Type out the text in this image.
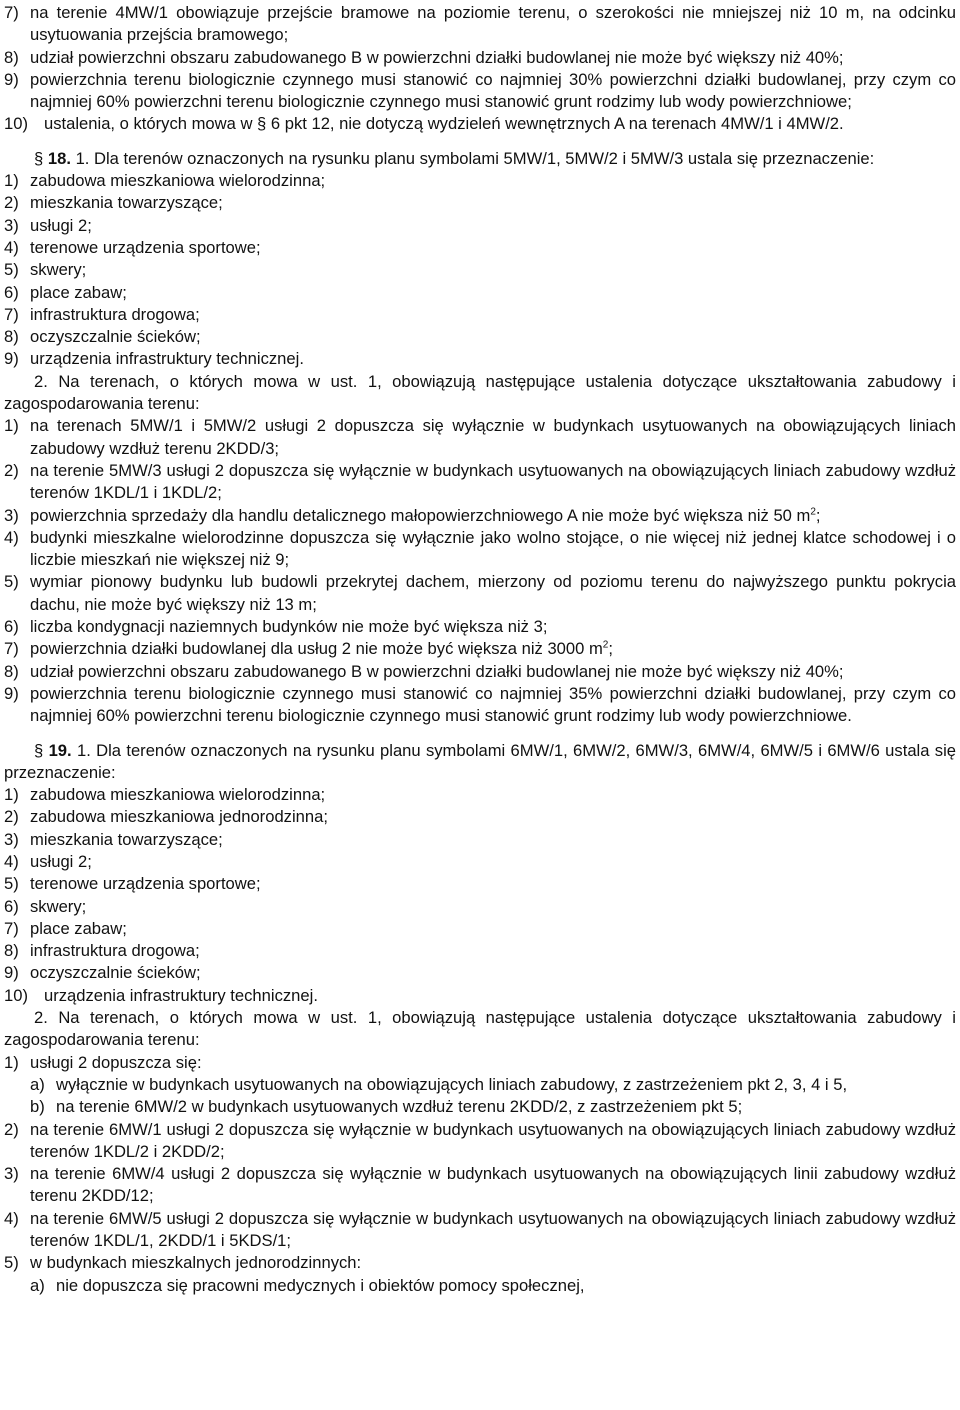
7) na terenie 4MW/1 obowiązuje przejście bramowe na poziomie terenu, o szerokości nie mniejszej niż 10 m, na odcinku usytuowania przejścia bramowego;
8) udział powierzchni obszaru zabudowanego B w powierzchni działki budowlanej nie może być większy niż 40%;
9) powierzchnia terenu biologicznie czynnego musi stanowić co najmniej 30% powierzchni działki budowlanej, przy czym co najmniej 60% powierzchni terenu biologicznie czynnego musi stanowić grunt rodzimy lub wody powierzchniowe;
10) ustalenia, o których mowa w § 6 pkt 12, nie dotyczą wydzieleń wewnętrznych A na terenach 4MW/1 i 4MW/2.

§ 18. 1. Dla terenów oznaczonych na rysunku planu symbolami 5MW/1, 5MW/2 i 5MW/3 ustala się przeznaczenie:

1) zabudowa mieszkaniowa wielorodzinna;
2) mieszkania towarzyszące;
3) usługi 2;
4) terenowe urządzenia sportowe;
5) skwery;
6) place zabaw;
7) infrastruktura drogowa;
8) oczyszczalnie ścieków;
9) urządzenia infrastruktury technicznej.

2. Na terenach, o których mowa w ust. 1, obowiązują następujące ustalenia dotyczące ukształtowania zabudowy i zagospodarowania terenu:

1) na terenach 5MW/1 i 5MW/2 usługi 2 dopuszcza się wyłącznie w budynkach usytuowanych na obowiązujących liniach zabudowy wzdłuż terenu 2KDD/3;
2) na terenie 5MW/3 usługi 2 dopuszcza się wyłącznie w budynkach usytuowanych na obowiązujących liniach zabudowy wzdłuż terenów 1KDL/1 i 1KDL/2;
3) powierzchnia sprzedaży dla handlu detalicznego małopowierzchniowego A nie może być większa niż 50 $m^2$;
4) budynki mieszkalne wielorodzinne dopuszcza się wyłącznie jako wolno stojące, o nie więcej niż jednej klatce schodowej i o liczbie mieszkań nie większej niż 9;
5) wymiar pionowy budynku lub budowli przekrytej dachem, mierzony od poziomu terenu do najwyższego punktu pokrycia dachu, nie może być większy niż 13 m;
6) liczba kondygnacji naziemnych budynków nie może być większa niż 3;
7) powierzchnia działki budowlanej dla usług 2 nie może być większa niż 3000 $m^2$;
8) udział powierzchni obszaru zabudowanego B w powierzchni działki budowlanej nie może być większy niż 40%;
9) powierzchnia terenu biologicznie czynnego musi stanowić co najmniej 35% powierzchni działki budowlanej, przy czym co najmniej 60% powierzchni terenu biologicznie czynnego musi stanowić grunt rodzimy lub wody powierzchniowe.

§ 19. 1. Dla terenów oznaczonych na rysunku planu symbolami 6MW/1, 6MW/2, 6MW/3, 6MW/4, 6MW/5 i 6MW/6 ustala się przeznaczenie:

1) zabudowa mieszkaniowa wielorodzinna;
2) zabudowa mieszkaniowa jednorodzinna;
3) mieszkania towarzyszące;
4) usługi 2;
5) terenowe urządzenia sportowe;
6) skwery;
7) place zabaw;
8) infrastruktura drogowa;
9) oczyszczalnie ścieków;
10) urządzenia infrastruktury technicznej.

2. Na terenach, o których mowa w ust. 1, obowiązują następujące ustalenia dotyczące ukształtowania zabudowy i zagospodarowania terenu:

1) usługi 2 dopuszcza się:
a) wyłącznie w budynkach usytuowanych na obowiązujących liniach zabudowy, z zastrzeżeniem pkt 2, 3, 4 i 5,
b) na terenie 6MW/2 w budynkach usytuowanych wzdłuż terenu 2KDD/2, z zastrzeżeniem pkt 5;
2) na terenie 6MW/1 usługi 2 dopuszcza się wyłącznie w budynkach usytuowanych na obowiązujących liniach zabudowy wzdłuż terenów 1KDL/2 i 2KDD/2;
3) na terenie 6MW/4 usługi 2 dopuszcza się wyłącznie w budynkach usytuowanych na obowiązujących linii zabudowy wzdłuż terenu 2KDD/12;
4) na terenie 6MW/5 usługi 2 dopuszcza się wyłącznie w budynkach usytuowanych na obowiązujących liniach zabudowy wzdłuż terenów 1KDL/1, 2KDD/1 i 5KDS/1;
5) w budynkach mieszkalnych jednorodzinnych:
a) nie dopuszcza się pracowni medycznych i obiektów pomocy społecznej,
